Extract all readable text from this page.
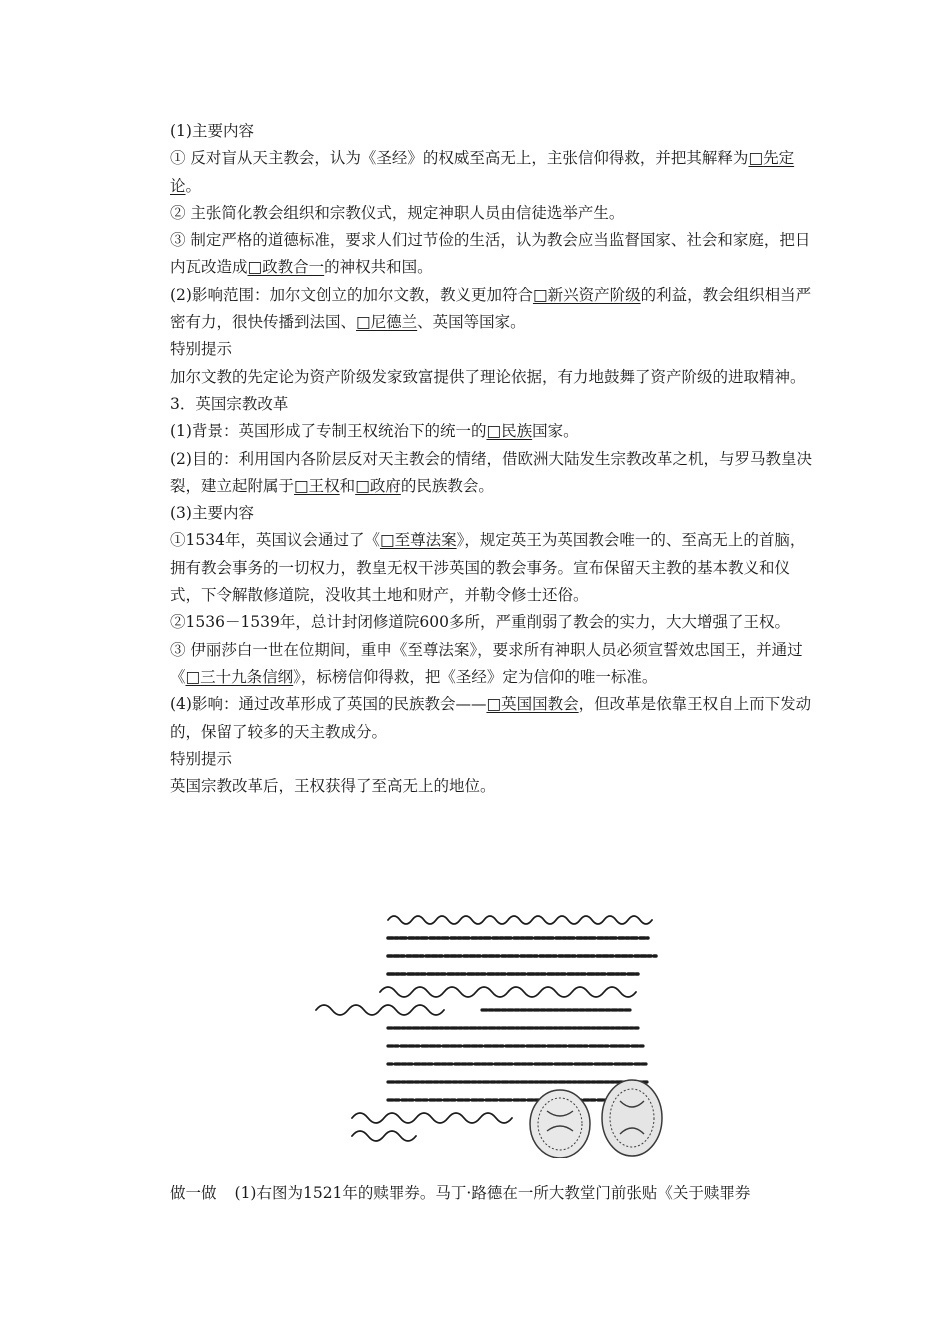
(1)主要内容

① 反对盲从天主教会，认为《圣经》的权威至高无上，主张信仰得救，并把其解释为□先定论。

② 主张简化教会组织和宗教仪式，规定神职人员由信徒选举产生。

③ 制定严格的道德标准，要求人们过节俭的生活，认为教会应当监督国家、社会和家庭，把日内瓦改造成□政教合一的神权共和国。

(2)影响范围：加尔文创立的加尔文教，教义更加符合□新兴资产阶级的利益，教会组织相当严密有力，很快传播到法国、□尼德兰、英国等国家。

特别提示

加尔文教的先定论为资产阶级发家致富提供了理论依据，有力地鼓舞了资产阶级的进取精神。

3．英国宗教改革

(1)背景：英国形成了专制王权统治下的统一的□民族国家。

(2)目的：利用国内各阶层反对天主教会的情绪，借欧洲大陆发生宗教改革之机，与罗马教皇决裂，建立起附属于□王权和□政府的民族教会。

(3)主要内容

①1534年，英国议会通过了《□至尊法案》，规定英王为英国教会唯一的、至高无上的首脑，拥有教会事务的一切权力，教皇无权干涉英国的教会事务。宣布保留天主教的基本教义和仪式，下令解散修道院，没收其土地和财产，并勒令修士还俗。

②1536－1539年，总计封闭修道院600多所，严重削弱了教会的实力，大大增强了王权。

③ 伊丽莎白一世在位期间，重申《至尊法案》，要求所有神职人员必须宣誓效忠国王，并通过《□三十九条信纲》，标榜信仰得救，把《圣经》定为信仰的唯一标准。

(4)影响：通过改革形成了英国的民族教会——□英国国教会，但改革是依靠王权自上而下发动的，保留了较多的天主教成分。

特别提示

英国宗教改革后，王权获得了至高无上的地位。

做一做 (1)右图为1521年的赎罪券。马丁·路德在一所大教堂门前张贴《关于赎罪券
